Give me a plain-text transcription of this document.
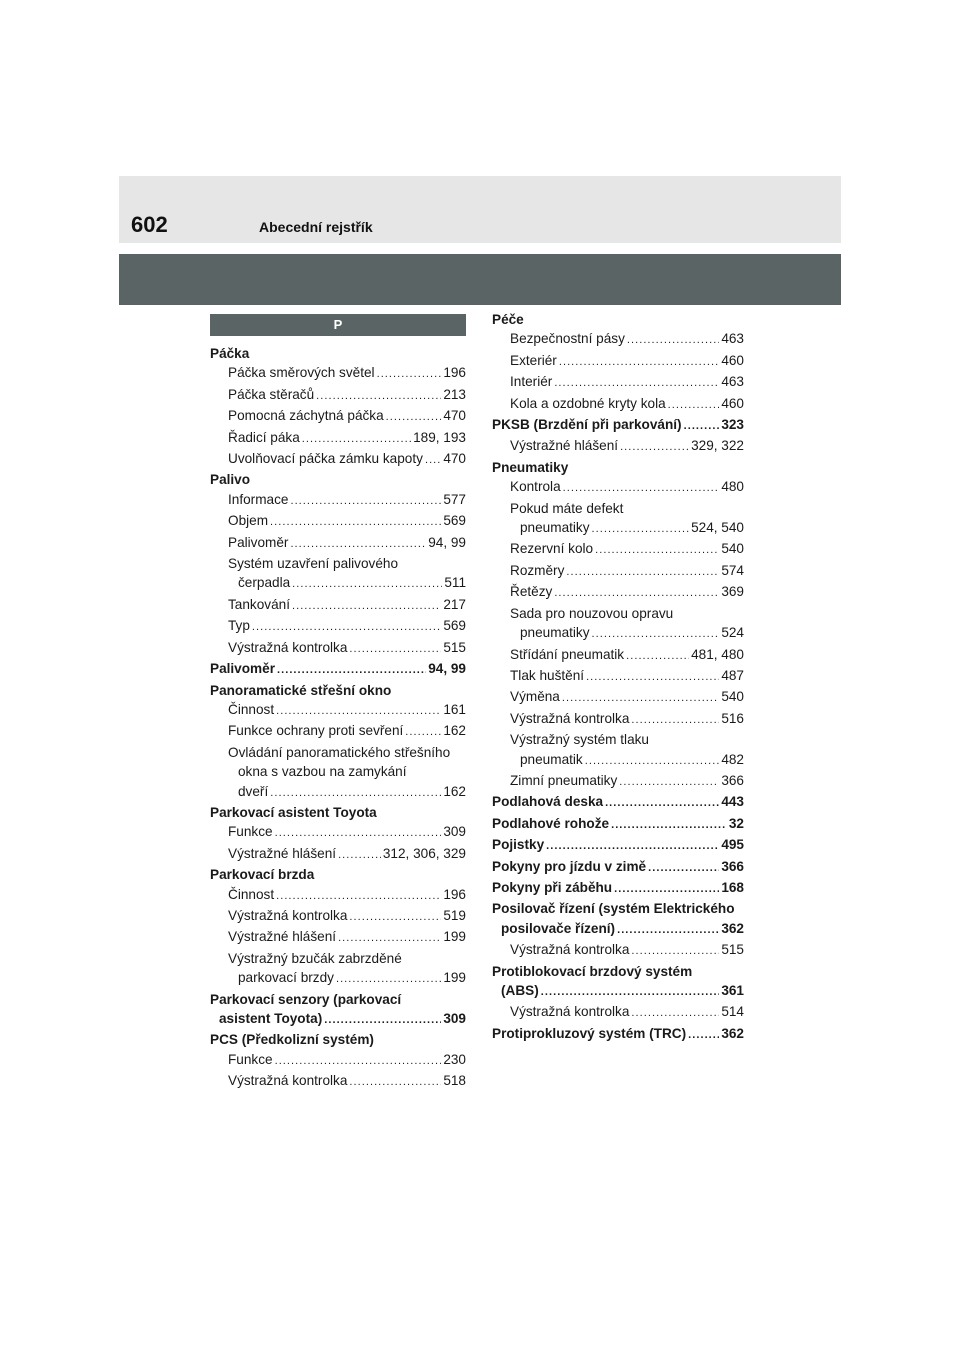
602	Abecední rejstřík
P
Páčka
Páčka směrových světel . . .	196
Páčka stěračů . . .	213
Pomocná záchytná páčka . . .	470
Řadicí páka . . .	189, 193
Uvolňovací páčka zámku kapoty . . . 470
Palivo
Informace . . .	577
Objem . . .	569
Palivoměr . . .	94, 99
Systém uzavření palivového
čerpadla . . .	511
Tankování . . .	217
Typ . . .	569
Výstražná kontrolka . . .	515
Palivoměr . . .	94, 99
Panoramatické střešní okno
Činnost . . .	161
Funkce ochrany proti sevření . . .	162
Ovládání panoramatického střešního
okna s vazbou na zamykání
dveří . . .	162
Parkovací asistent Toyota
Funkce . . .	309
Výstražné hlášení . . .	312, 306, 329
Parkovací brzda
Činnost . . .	196
Výstražná kontrolka . . .	519
Výstražné hlášení . . .	199
Výstražný bzučák zabrzděné
parkovací brzdy . . .	199
Parkovací senzory (parkovací
asistent Toyota) . . .	309
PCS (Předkolizní systém)
Funkce . . .	230
Výstražná kontrolka . . .	518
Péče
Bezpečnostní pásy . . .	463
Exteriér . . .	460
Interiér . . .	463
Kola a ozdobné kryty kola . . .	460
PKSB (Brzdění při parkování) . . .	323
Výstražné hlášení . . .	329, 322
Pneumatiky
Kontrola . . .	480
Pokud máte defekt
pneumatiky . . .	524, 540
Rezervní kolo . . .	540
Rozměry . . .	574
Řetězy . . .	369
Sada pro nouzovou opravu
pneumatiky . . .	524
Střídání pneumatik . . .	481, 480
Tlak huštění . . .	487
Výměna . . .	540
Výstražná kontrolka . . .	516
Výstražný systém tlaku
pneumatik . . .	482
Zimní pneumatiky . . .	366
Podlahová deska . . .	443
Podlahové rohože . . .	32
Pojistky . . .	495
Pokyny pro jízdu v zimě . . .	366
Pokyny při záběhu . . .	168
Posilovač řízení (systém Elektrického
posilovače řízení) . . .	362
Výstražná kontrolka . . .	515
Protiblokovací brzdový systém
(ABS) . . .	361
Výstražná kontrolka . . .	514
Protiprokluzový systém (TRC) . . .	362
